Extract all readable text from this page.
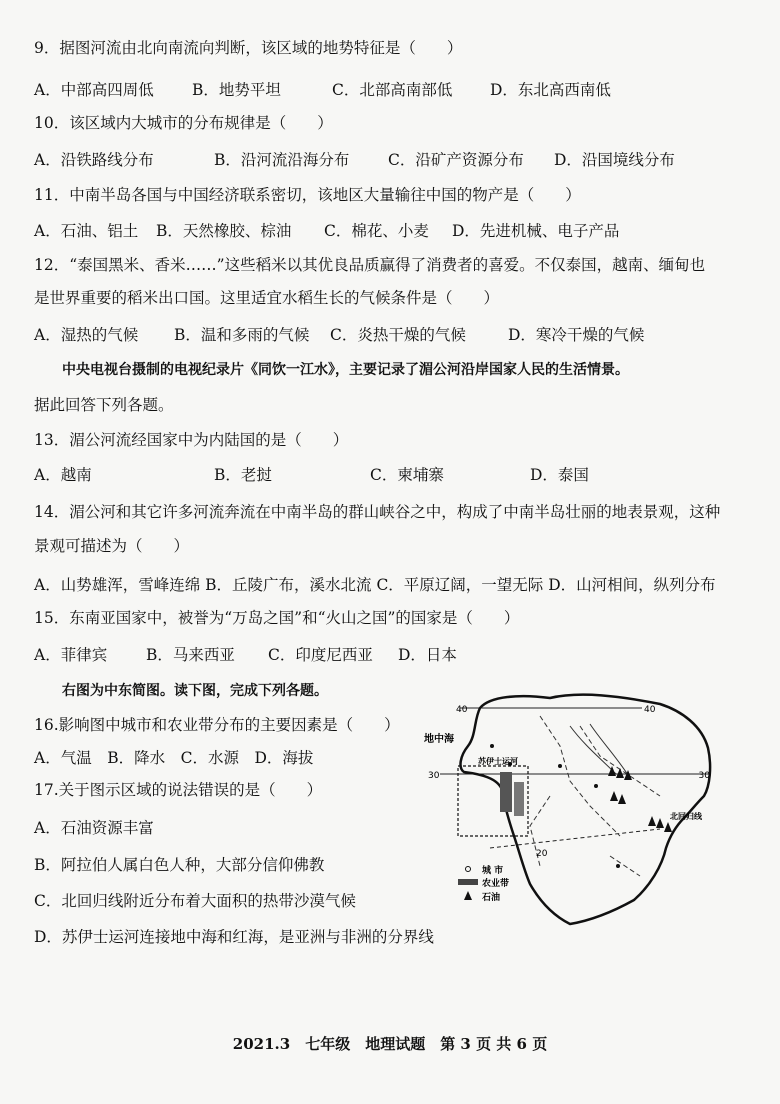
9．据图河流由北向南流向判断，该区域的地势特征是（　　）
A．中部高四周低 B．地势平坦	C．北部高南部低 D．东北高西南低
10．该区域内大城市的分布规律是（　　）
A．沿铁路线分布	B．沿河流沿海分布 C．沿矿产资源分布 D．沿国境线分布
11．中南半岛各国与中国经济联系密切，该地区大量输往中国的物产是（　　）
A．石油、铝土 B．天然橡胶、棕油 C．棉花、小麦 D．先进机械、电子产品
12．“泰国黑米、香米……”这些稻米以其优良品质赢得了消费者的喜爱。不仅泰国，越南、缅甸也
是世界重要的稻米出口国。这里适宜水稻生长的气候条件是（　　）
A．湿热的气候 B．温和多雨的气候 C．炎热干燥的气候	D．寒冷干燥的气候
中央电视台摄制的电视纪录片《同饮一江水》，主要记录了湄公河沿岸国家人民的生活情景。
据此回答下列各题。
13．湄公河流经国家中为内陆国的是（　　）
A．越南	B．老挝	C．柬埔寨	D．泰国
14．湄公河和其它许多河流奔流在中南半岛的群山峡谷之中，构成了中南半岛壮丽的地表景观，这种
景观可描述为（　　）
A．山势雄浑，雪峰连绵 B．丘陵广布，溪水北流 C．平原辽阔，一望无际 D．山河相间，纵列分布
15．东南亚国家中，被誉为“万岛之国”和“火山之国”的国家是（　　）
A．菲律宾	B．马来西亚 C．印度尼西亚 D．日本
右图为中东简图。读下图，完成下列各题。
16.影响图中城市和农业带分布的主要因素是（　　）
A．气温　B．降水　C．水源　D．海拔
17.关于图示区域的说法错误的是（　　）
A．石油资源丰富
B．阿拉伯人属白色人种，大部分信仰佛教
C．北回归线附近分布着大面积的热带沙漠气候
D．苏伊士运河连接地中海和红海，是亚洲与非洲的分界线
地中海
苏伊士运河
北回归线
40	40
30	30
20
城 市
农业带
石油
2021.3　七年级　地理试题　第 3 页 共 6 页
